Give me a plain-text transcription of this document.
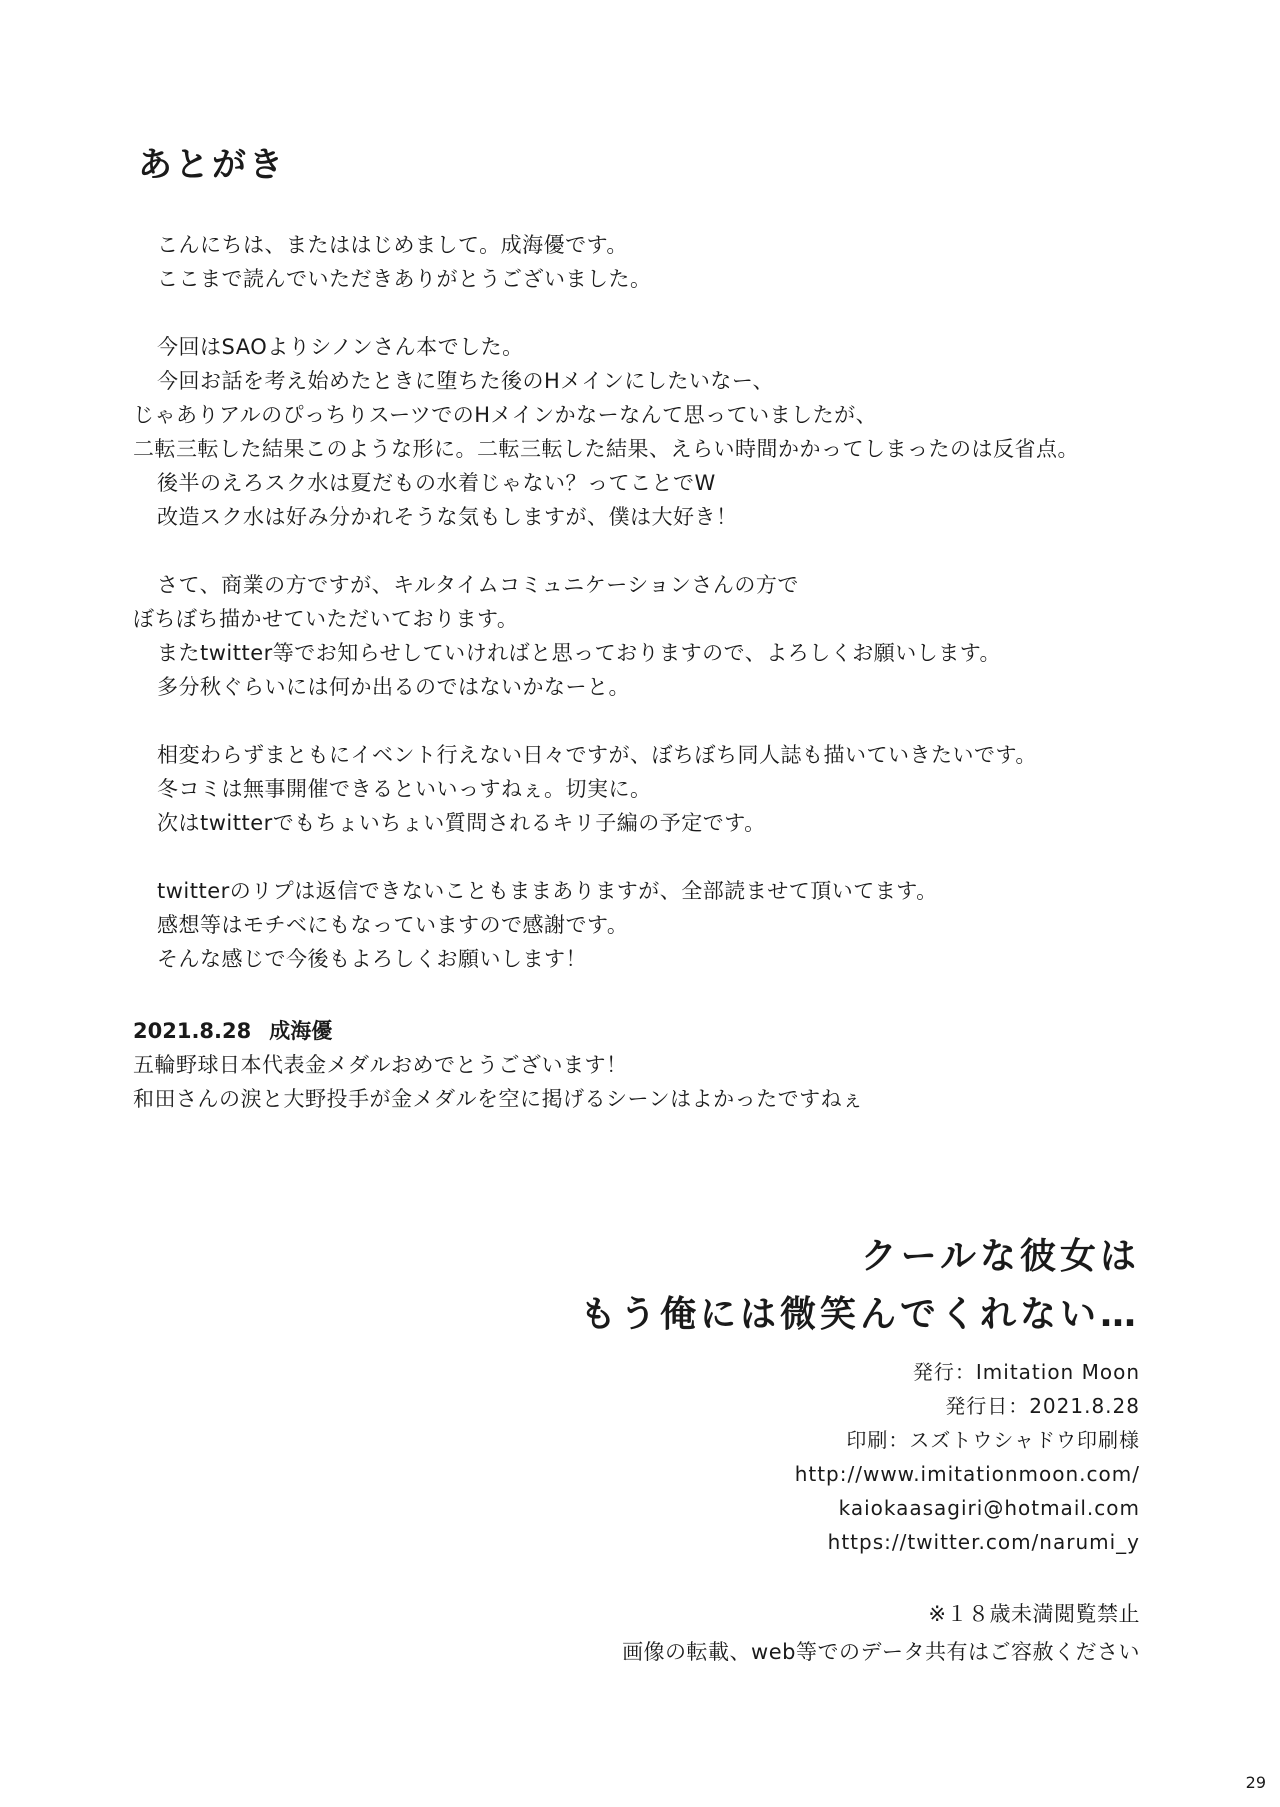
あとがき
こんにちは、またははじめまして。成海優です。
ここまで読んでいただきありがとうございました。
今回はSAOよりシノンさん本でした。
今回お話を考え始めたときに堕ちた後のHメインにしたいなー、
じゃありアルのぴっちりスーツでのHメインかなーなんて思っていましたが、
二転三転した結果このような形に。二転三転した結果、えらい時間かかってしまったのは反省点。
後半のえろスク水は夏だもの水着じゃない？ってことでW
改造スク水は好み分かれそうな気もしますが、僕は大好き！
さて、商業の方ですが、キルタイムコミュニケーションさんの方で
ぼちぼち描かせていただいております。
またtwitter等でお知らせしていければと思っておりますので、よろしくお願いします。
多分秋ぐらいには何か出るのではないかなーと。
相変わらずまともにイベント行えない日々ですが、ぼちぼち同人誌も描いていきたいです。
冬コミは無事開催できるといいっすねぇ。切実に。
次はtwitterでもちょいちょい質問されるキリ子編の予定です。
twitterのリプは返信できないこともままありますが、全部読ませて頂いてます。
感想等はモチベにもなっていますので感謝です。
そんな感じで今後もよろしくお願いします！
2021.8.28 成海優
五輪野球日本代表金メダルおめでとうございます！
和田さんの涙と大野投手が金メダルを空に掲げるシーンはよかったですねぇ
クールな彼女は
もう俺には微笑んでくれない…
発行：Imitation Moon
発行日：2021.8.28
印刷：スズトウシャドウ印刷様
http://www.imitationmoon.com/
kaiokaasagiri@hotmail.com
https://twitter.com/narumi_y
※１８歳未満閲覧禁止
画像の転載、web等でのデータ共有はご容赦ください
29
